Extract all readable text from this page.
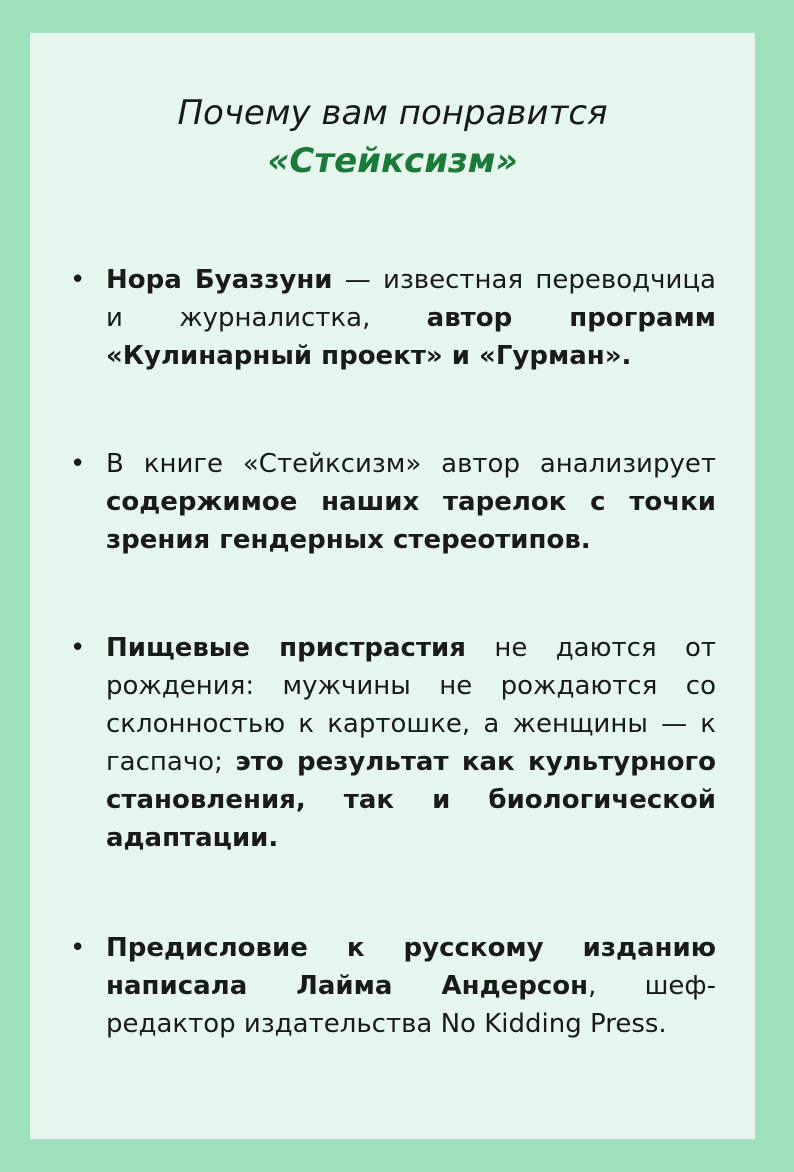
Почему вам понравится
«Стейксизм»
• Нора Буаззуни — известная переводчица и журналистка, автор программ «Кулинарный проект» и «Гурман».
• В книге «Стейксизм» автор анализирует содержимое наших тарелок с точки зрения гендерных стереотипов.
• Пищевые пристрастия не даются от рождения: мужчины не рождаются со склонностью к картошке, а женщины — к гаспачо; это результат как культурного становления, так и биологической адаптации.
• Предисловие к русскому изданию написала Лайма Андерсон, шеф-редактор издательства No Kidding Press.
